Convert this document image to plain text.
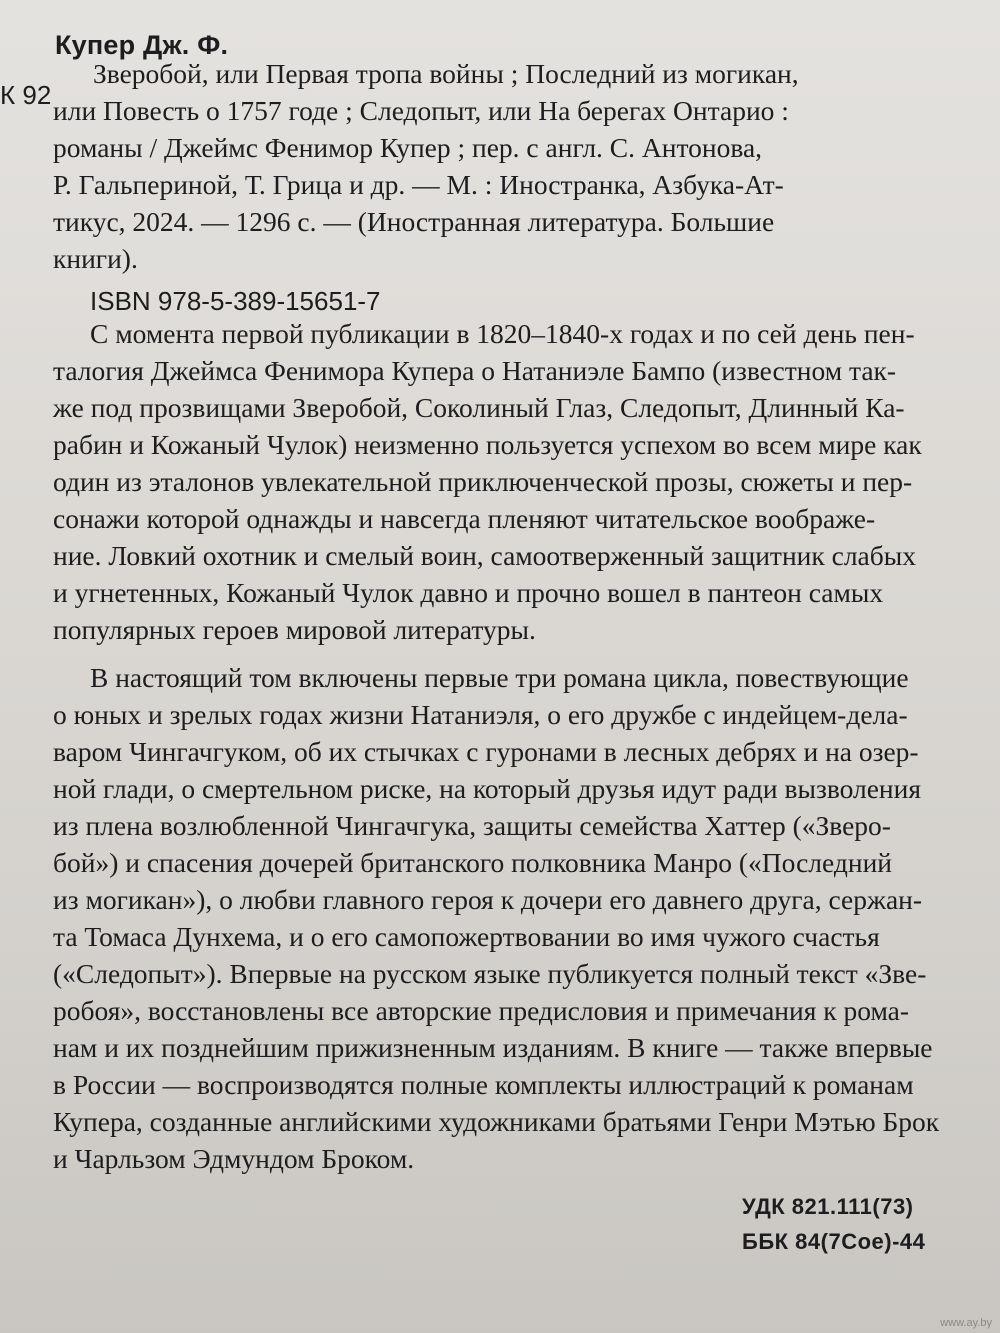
Купер Дж. Ф.
К 92
Зверобой, или Первая тропа войны ; Последний из могикан,
или Повесть о 1757 годе ; Следопыт, или На берегах Онтарио :
романы / Джеймс Фенимор Купер ; пер. с англ. С. Антонова,
Р. Гальпериной, Т. Грица и др. — М. : Иностранка, Азбука-Ат-
тикус, 2024. — 1296 с. — (Иностранная литература. Большие
книги).
ISBN 978-5-389-15651-7
С момента первой публикации в 1820–1840-х годах и по сей день пен-
талогия Джеймса Фенимора Купера о Натаниэле Бампо (известном так-
же под прозвищами Зверобой, Соколиный Глаз, Следопыт, Длинный Ка-
рабин и Кожаный Чулок) неизменно пользуется успехом во всем мире как
один из эталонов увлекательной приключенческой прозы, сюжеты и пер-
сонажи которой однажды и навсегда пленяют читательское воображе-
ние. Ловкий охотник и смелый воин, самоотверженный защитник слабых
и угнетенных, Кожаный Чулок давно и прочно вошел в пантеон самых
популярных героев мировой литературы.
В настоящий том включены первые три романа цикла, повествующие
о юных и зрелых годах жизни Натаниэля, о его дружбе с индейцем-дела-
варом Чингачгуком, об их стычках с гуронами в лесных дебрях и на озер-
ной глади, о смертельном риске, на который друзья идут ради вызволения
из плена возлюбленной Чингачгука, защиты семейства Хаттер («Зверо-
бой») и спасения дочерей британского полковника Манро («Последний
из могикан»), о любви главного героя к дочери его давнего друга, сержан-
та Томаса Дунхема, и о его самопожертвовании во имя чужого счастья
(«Следопыт»). Впервые на русском языке публикуется полный текст «Зве-
робоя», восстановлены все авторские предисловия и примечания к рома-
нам и их позднейшим прижизненным изданиям. В книге — также впервые
в России — воспроизводятся полные комплекты иллюстраций к романам
Купера, созданные английскими художниками братьями Генри Мэтью Брок
и Чарльзом Эдмундом Броком.
УДК 821.111(73)
ББК 84(7Сое)-44
www.ay.by
